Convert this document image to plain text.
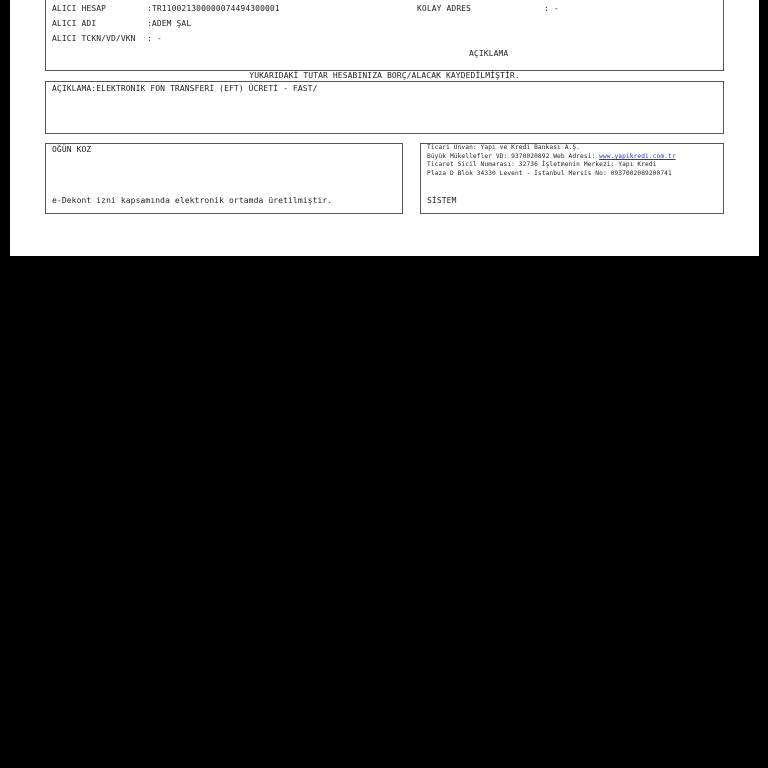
ALICI HESAP	:TR110021300000074494300001	KOLAY ADRES	: -
ALICI ADI	:ADEM ŞAL
ALICI TCKN/VD/VKN : -
AÇIKLAMA
YUKARIDAKİ TUTAR HESABINIZA BORÇ/ALACAK KAYDEDİLMİŞTİR.
AÇIKLAMA:ELEKTRONİK FON TRANSFERİ (EFT) ÜCRETİ - FAST/
OĞÜN KOZ
e-Dekont izni kapsamında elektronik ortamda üretilmiştir.
Ticari Unvan: Yapı ve Kredi Bankası A.Ş.
Büyük Mükellefler VD: 9370020892 Web Adresi: www.yapikredi.com.tr
Ticaret Sicil Numarası: 32736 İşletmenin Merkezi: Yapı Kredi
Plaza D Blok 34330 Levent - İstanbul Mersis No: 0937002089200741
SİSTEM
